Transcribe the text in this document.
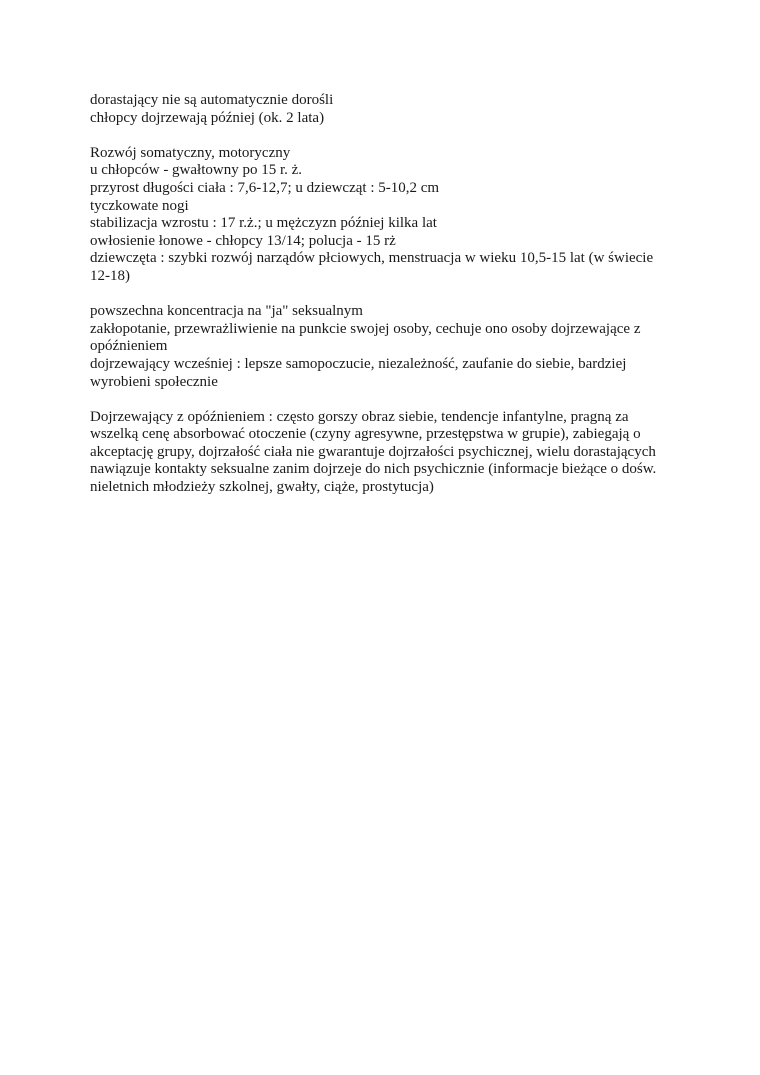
dorastający nie są automatycznie dorośli
chłopcy dojrzewają później (ok. 2 lata)
Rozwój somatyczny, motoryczny
u chłopców - gwałtowny po 15 r. ż.
przyrost długości ciała : 7,6-12,7; u dziewcząt : 5-10,2 cm
tyczkowate nogi
stabilizacja wzrostu : 17 r.ż.; u mężczyzn później kilka lat
owłosienie łonowe - chłopcy 13/14; polucja - 15 rż
dziewczęta : szybki rozwój narządów płciowych, menstruacja w wieku 10,5-15 lat (w świecie
12-18)
powszechna koncentracja na "ja" seksualnym
zakłopotanie, przewrażliwienie na punkcie swojej osoby, cechuje ono osoby dojrzewające z
opóźnieniem
dojrzewający wcześniej : lepsze samopoczucie, niezależność, zaufanie do siebie, bardziej
wyrobieni społecznie
Dojrzewający z opóźnieniem : często gorszy obraz siebie, tendencje infantylne, pragną za
wszelką cenę absorbować otoczenie (czyny agresywne, przestępstwa w grupie), zabiegają o
akceptację grupy, dojrzałość ciała nie gwarantuje dojrzałości psychicznej, wielu dorastających
nawiązuje kontakty seksualne zanim dojrzeje do nich psychicznie (informacje bieżące o dośw.
nieletnich młodzieży szkolnej, gwałty, ciąże, prostytucja)
